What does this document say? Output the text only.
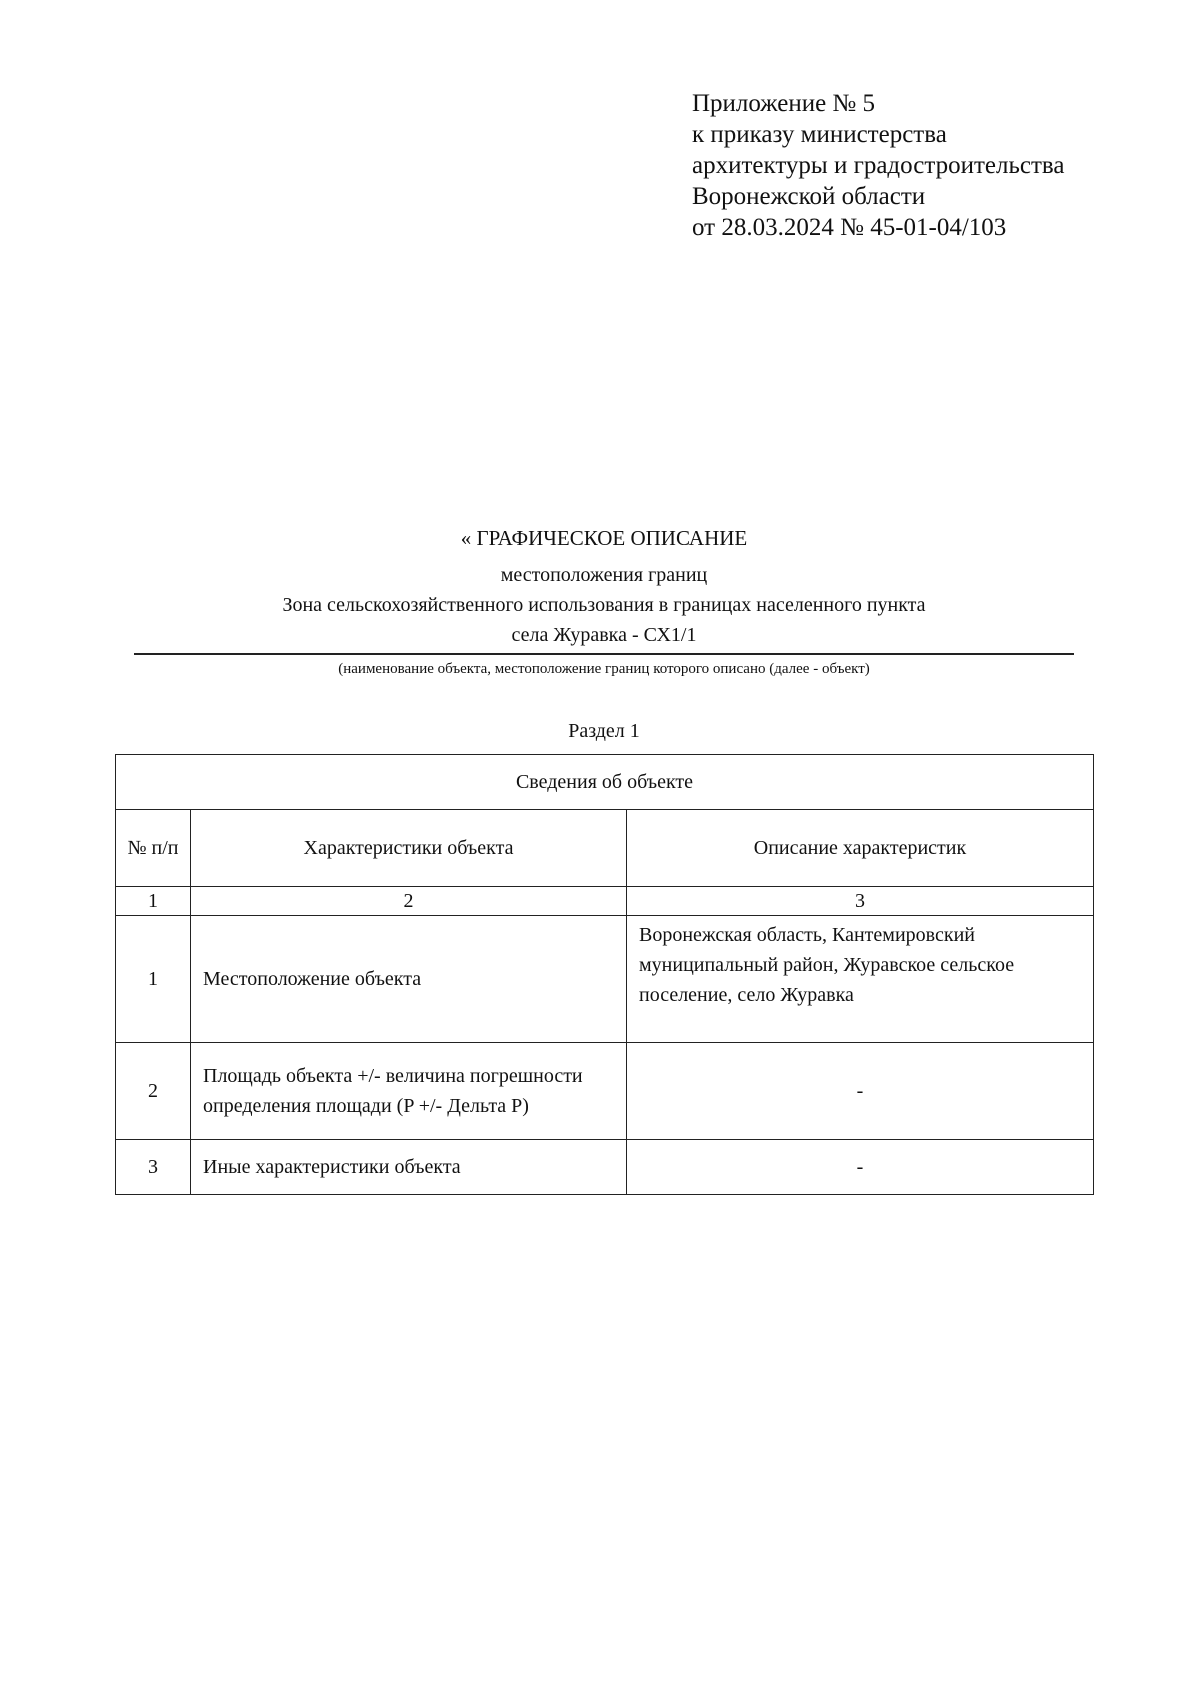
Приложение № 5
к приказу министерства
архитектуры и градостроительства
Воронежской области
от 28.03.2024 № 45-01-04/103
« ГРАФИЧЕСКОЕ ОПИСАНИЕ
местоположения границ
Зона сельскохозяйственного использования в границах населенного пункта
села Журавка - СХ1/1
(наименование объекта, местоположение границ которого описано (далее - объект)
Раздел 1
Сведения об объекте		
№ п/п	Характеристики объекта	Описание характеристик
1	2	3
1	Местоположение объекта	Воронежская область, Кантемировский муниципальный район, Журавское сельское поселение, село Журавка
2	Площадь объекта +/- величина погрешности определения площади (P +/- Дельта P)	-
3	Иные характеристики объекта	-
